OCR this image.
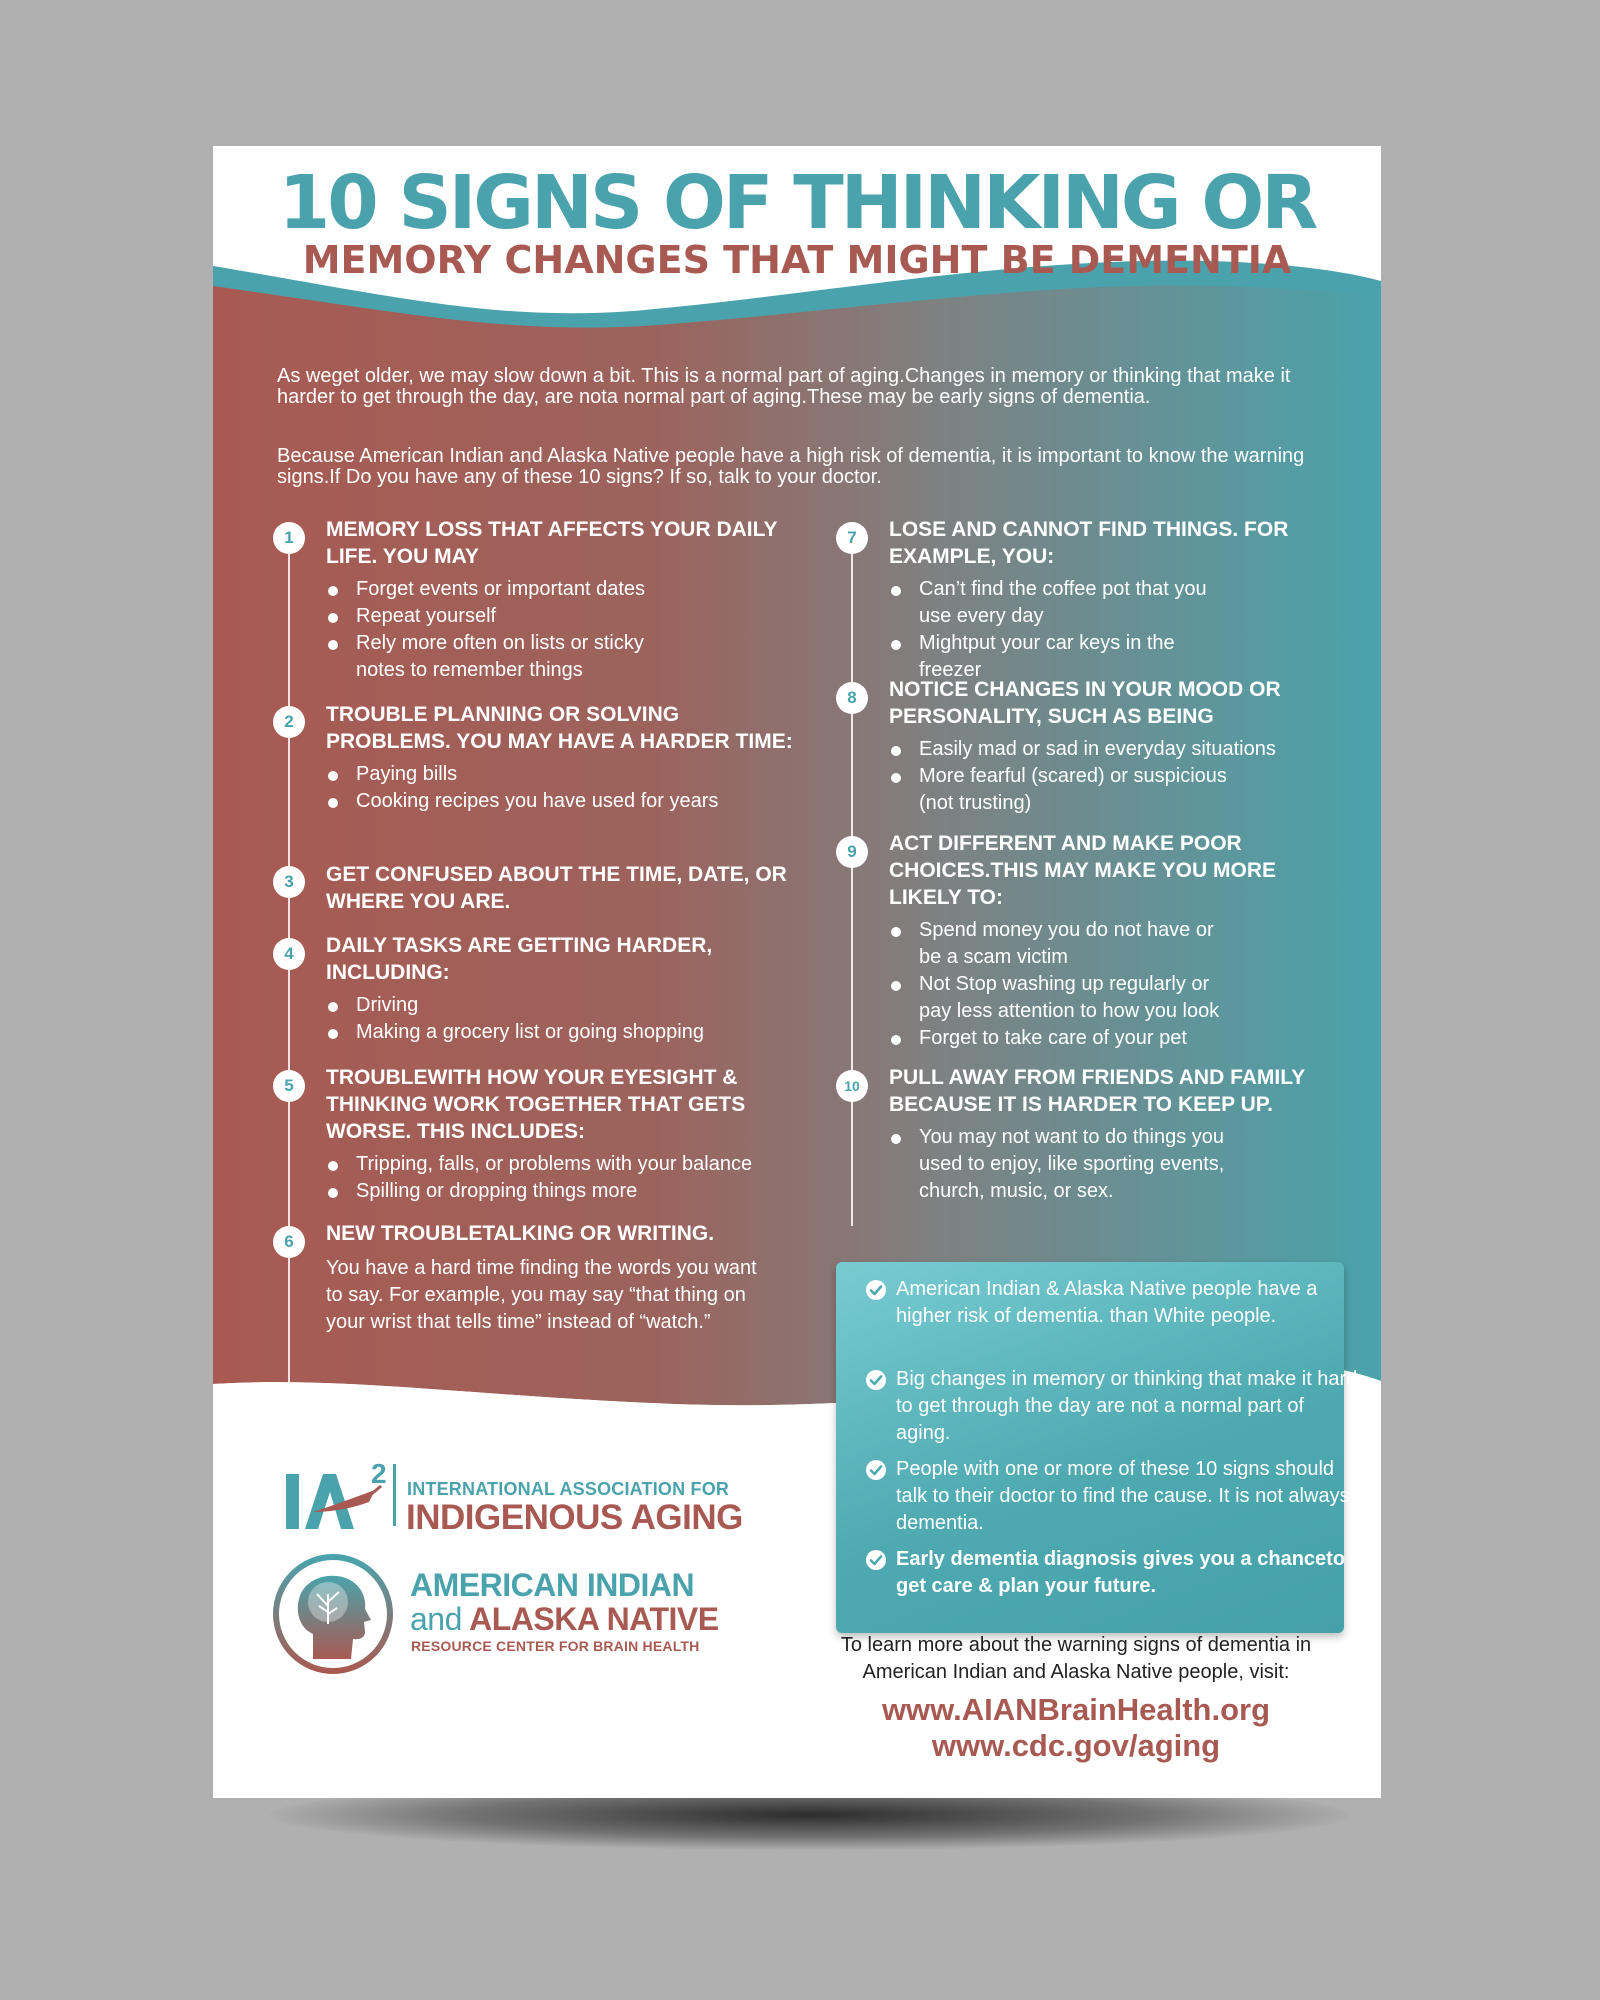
10 SIGNS OF THINKING OR
MEMORY CHANGES THAT MIGHT BE DEMENTIA

As weget older, we may slow down a bit. This is a normal part of aging.Changes in memory or thinking that make it harder to get through the day, are nota normal part of aging.These may be early signs of dementia.

Because American Indian and Alaska Native people have a high risk of dementia, it is important to know the warning signs.If Do you have any of these 10 signs? If so, talk to your doctor.

1	MEMORY LOSS THAT AFFECTS YOUR DAILY LIFE. YOU MAY
Forget events or important dates
Repeat yourself
Rely more often on lists or sticky notes to remember things
2	TROUBLE PLANNING OR SOLVING PROBLEMS. YOU MAY HAVE A HARDER TIME:
Paying bills
Cooking recipes you have used for years
3	GET CONFUSED ABOUT THE TIME, DATE, OR WHERE YOU ARE.
4	DAILY TASKS ARE GETTING HARDER, INCLUDING:
Driving
Making a grocery list or going shopping
5	TROUBLEWITH HOW YOUR EYESIGHT & THINKING WORK TOGETHER THAT GETS WORSE. THIS INCLUDES:
Tripping, falls, or problems with your balance
Spilling or dropping things more
6	NEW TROUBLETALKING OR WRITING.
You have a hard time finding the words you want to say. For example, you may say “that thing on your wrist that tells time” instead of “watch.”
7	LOSE AND CANNOT FIND THINGS. FOR EXAMPLE, YOU:
Can’t find the coffee pot that you use every day
Mightput your car keys in the freezer
8	NOTICE CHANGES IN YOUR MOOD OR PERSONALITY, SUCH AS BEING
Easily mad or sad in everyday situations
More fearful (scared) or suspicious (not trusting)
9	ACT DIFFERENT AND MAKE POOR CHOICES.THIS MAY MAKE YOU MORE LIKELY TO:
Spend money you do not have or be a scam victim
Not Stop washing up regularly or pay less attention to how you look
Forget to take care of your pet
10	PULL AWAY FROM FRIENDS AND FAMILY BECAUSE IT IS HARDER TO KEEP UP.
You may not want to do things you used to enjoy, like sporting events, church, music, or sex.
American Indian & Alaska Native people have a higher risk of dementia. than White people.
Big changes in memory or thinking that make it hard to get through the day are not a normal part of aging.
People with one or more of these 10 signs should talk to their doctor to find the cause. It is not always dementia.
Early dementia diagnosis gives you a chanceto get care & plan your future.
To learn more about the warning signs of dementia in American Indian and Alaska Native people, visit:
www.AIANBrainHealth.org
www.cdc.gov/aging
2 INTERNATIONAL ASSOCIATION FOR
INDIGENOUS AGING
AMERICAN INDIAN
and ALASKA NATIVE
RESOURCE CENTER FOR BRAIN HEALTH
